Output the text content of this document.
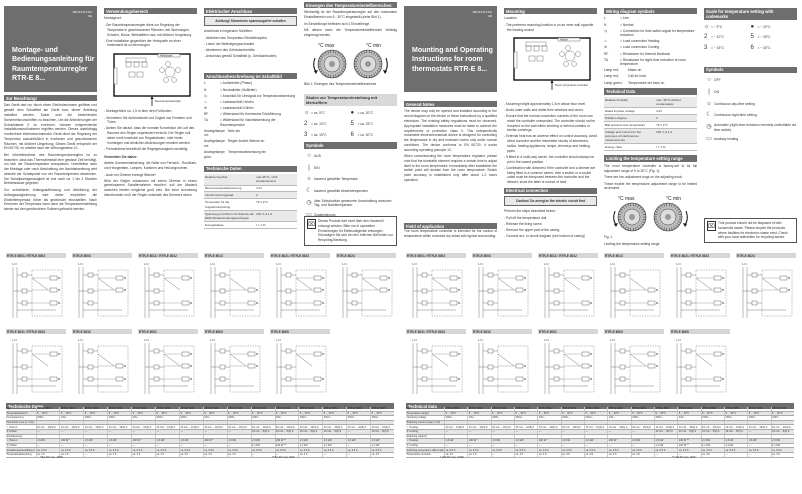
468 931 014 510
DE
Montage- und Bedienungsanleitung für Raumtemperaturregler RTR-E 8...
Zur Beachtung!

Das Gerät darf nur durch einen Elektrofachmann geöffnet und gemäß dem Schaltbild am Gerät bzw. dieser Anleitung installiert werden. Dabei sind die bestehenden Sicherheitsvorschriften zu beachten. Um die Anforderungen der Schutzklasse II zu erreichen, müssen entsprechende Installationsmaßnahmen ergriffen werden. Dieses unabhängig montierbare elektromechanische Gerät dient der Regelung der Temperatur ausschließlich in trockenen und geschlossenen Räumen, mit üblicher Umgebung. Dieses Gerät entspricht der EN 60730, es arbeitet nach der Wirkungsweise 1C.

Bei Inbetriebnahme des Raumtemperaturreglers ist zu beachten, dass das Thermobimetall eine gewisse Zeit benötigt, um sich der Raumtemperatur anzupassen. Unmittelbar nach der Montage oder nach Abschaltung der Nachtabsenkung wird deshalb der Schaltpunkt von der Raumtemperatur abweichen. Die Schaltpunktgenauigkeit ist erst nach ca. 1 bis 2 Stunden Betriebsdauer gegeben.

Zur schnelleren Anfangsaufheizung und Abkühlung der Anfangsausgleichung wird daher empfohlen die Einstelltemperatur höher als gewünscht einzustellen. Nach Erreichen der Temperatur kann dann die Temperatureinstellung wieder auf den gewünschten Sollwert gebracht werden.

Verwendungsbereich

Montageort:

- Der Raumtemperaturregler dient zur Regelung der Temperatur in geschlossenen Räumen, wie Wohnungen, Schulen, Büros, Werkstätten usw. mit üblicher Umgebung.
- Eine Installation gegenüber der Heizquelle an einer Innenwand ist zu bevorzugen.
Heizkörper
Raumtemperaturregler
- Montagehöhe ca. 1,5 m über dem Fußboden.
- Vermeiden Sie Außenwände und Zugluft von Fenstern und Türen.
- Achten Sie darauf, dass die normale Konvektion die Luft des Raumes den Regler ungehindert erreicht. Der Regler soll daher nicht innerhalb von Regalwänden, oder hinter Vorhängen und ähnlichen Abdeckungen montiert werden.
- Fremdwärme beeinflußt die Regelgenauigkeit nachteilig.

Vermeiden Sie daher:

direkte Sonneneinstrahlung, die Nähe von Fernseh-, Rundfunk- und Heizgeräten, Lampen, Kaminen und Heizungsrohren.

- Auch ein Dimmer erzeugt Wärme!

Wird der Regler zusammen mit einem Dimmer in einem gemeinsamen Schalterrahmen montiert, soll der Abstand zwischen beiden möglichst groß sein. Bei einer Anordnung übereinander muß der Regler unterhalb des Dimmers sitzen.

Elektrischer Anschluss
Achtung! Stromkreis spannungsfrei schalten

Anschluss in folgenden Schritten:

- Abziehen des Temperatur-Einstellknopfes.
- Lösen der Befestigungsschraube
- Abnehmen des Gehäuseoberteils
- Anschluss gemäß Schaltbild (s. Gehäuseboden).
Anschlussbeschreibung im Schaltbild
L	= Außenleiter (Phase)
N	= Neutralleiter (Nullleiter)
◷	= Anschluß für Uhrsignal zur Temperaturabsenkung
♨	= Lastanschluß Heizen
❄	= Lastanschluß Kühlen
RF	= Widerstand für thermische Rückführung
TA	= Widerstand für Nachtabsenkung der Raumtemperatur
Anzeigelampe rot:
Netz ein
Anzeigelampe rot:
Regler fordert Wärme an
Anzeigelampe grün:
Temperaturabsenkung ein
Technische Daten
Relative Feuchte	max 95 %, nicht kondensierend
Bemessungsstoßspannung	4 kV
Verschmutzungsgrad	2
Temperatur für die Kugeldruckprüfung	75 ± 2°C
Spannung und Strom für Zwecke der EMV-Störaussendungsprüfungen	230 V, 0,1 A
Energieklasse	I = 1 %
Einengen des Temperatureinstellbereiches:

Werkseitig ist der Raumtemperaturregler auf den maximalen Einstellbereich von 5 - 30°C eingestellt (siehe Bild 1).

Im Einstellknopf befinden sich 2 Einstellringe.

Mit diesen kann der Temperatureinstellbereich beliebig eingeengt werden.

°C max	°C min

Bild 1: Einengen des Temperatureinstellbereiches

Skalen zur Temperatureinstellung mit Merkziffern
☼ = ca. 5°C	● = ca. 20°C
2 = ca. 10°C	5 = ca. 25°C
3 = ca. 15°C	6 = ca. 30°C
Symbole
○ AUS
|	EIN
☼ dauernd gewählte Temperatur
☾ dauernd gewählte Absenktemperatur
◷ über Zeitschaltuhr gesteuerte Umschaltung zwischen Tag- und Nachttemperatur
▭ Zusatzheizung
⌧
Dieses Produkt darf nicht über den Hausmüll entsorgt werden. Bitte nur in speziellen Einrichtungen für Elektroaltgeräte entsorgen. Erkundigen Sie sich bei den örtlichen Behörden zur Recycling-Beratung.
468 931 014 510
GB
Mounting and Operating Instructions for room thermostats RTR-E 8...
General Notes

The device may only be opened and installed according to the circuit diagram on the device or these instructions by a qualified electrician. The existing safety regulations must be observed. Appropriate installation measures must be taken to achieve the requirements of protection class II. This independently mountable electromechanical device is designed for controlling the temperature in dry and enclosed rooms only under normal conditions. The device conforms to EN 60730, it works according operating principle 1C.

When commissioning the room temperature regulator, please note that the bimetallic element requires a certain time to adjust itself to the room temperature. Immediately after installation the switch point will deviate from the room temperature. Switch point accuracy is established only after about 1-2 hours operation.

Field of application

The room temperature controller is intended for the control of temperature within enclosed dry areas with typical surrounding.

Mounting

Location:

- The preferred mounting location is on an inner wall opposite the heating source
Heater
Room temperature controller
- Mounting height approximately 1,5 m above floor level.
- Avoid outer walls and drafts from windows and doors.
- Ensure that the normal convection currents of the room can reach the controller unimpeded. The controller should not be mounted on the wall within shelving or behind curtains or similar coverings.
- External heat has an adverse effect on control accuracy. Avoid direct sunshine and the immediate vicinity of televisions, radios, heating appliances, lamps, chimneys and heating pipes.
- If fitted in a multi-way carrier, the controller should always be put in the lowest position.
- Combination with dimmers! If the controller and a dimmer are being fitted in a common carrier, then a switch or a socket outlet must be interposed between the controller and the dimmer, since the latter is source of heat.
Electrical connection
Caution! De-energize the electric circuit first

Perform the steps described below:

- Pull off the temperature dial
- Release the fixing screw
- Remove the upper part of the casing
- Connect acc. to circuit diagram (see bottom of casing)
Wiring diagram symbols
L	= Line
N	= Neutral
◷	= Connection for time switch signal for temperature reduction
♨	= Load connection Heating
❄	= Load connection Cooling
RF	= Resistance for thermal feedback
TA	= Resistance for night-time reduction of room temperature
Lamp red:	Mains on
Lamp red:	Call for heat
Lamp green:	Temperature set back on
Technical Data
Relative humidity	max. 95 % without condensation
Rated impulse voltage	4 kV
Pollution degree	2
Ball pressure test temperature	75 ± 2°C
Voltage and Current for the purposes of interferences measurements	230 V, 0,1 A
Energy class	I = 1 %
Limiting the temperature setting range

The room temperature controller is factory-set to its full adjustment range of 5 to 30°C (Fig. 1).

There are two adjustment rings on the adjusting knob.

These enable the temperature adjustment range to be limited as desired.

°C max	°C min

Fig. 1

Limiting the temperature setting range

Scale for temperature setting with codemarks
☼ = ~ 5°C	● = ~ 20°C
2 = ~ 10°C	5 = ~ 25°C
3 = ~ 15°C	6 = ~ 30°C
Symbols
○ OFF
|	ON
☼ Continuous day-time setting
☾ Continuous night-time setting
◷ Automatic (night-time reduction remotely controllable via time switch)
▭ Auxiliary heating
⌧
This product should not be disposed of with household waste. Please recycle the products where facilities for electronic waste exist. Check with your local authorities for recycling advice.
RTR-E 8001 / RTR-E 8002
L N
RTR-E 8003
L N
RTR-E 8011 / RTR-E 8012
L N
RTR-E 8013
L N
RTR-E 8021 / RTR-E 8022
L N
RTR-E 8023
L N
RTR-E 8031 / RTR-E 8032
L N
RTR-E 8033
L N
RTR-E 8051
L N
RTR-E 8063
L N
RTR-E 8065
L N
RTR-E 8001 / RTR-E 8002
L N
RTR-E 8003
L N
RTR-E 8011 / RTR-E 8012
L N
RTR-E 8013
L N
RTR-E 8021 / RTR-E 8022
L N
RTR-E 8023
L N
RTR-E 8031 / RTR-E 8032
L N
RTR-E 8033
L N
RTR-E 8051
L N
RTR-E 8063
L N
RTR-E 8065
L N
Technische Daten
Typ	RTR-E 8001	RTR-E 8002	RTR-E 8003	RTR-E 8011	RTR-E 8012	RTR-E 8013	RTR-E 8021	RTR-E 8022	RTR-E 8023	RTR-E 8031	RTR-E 8032	RTR-E 8033	RTR-E 8051	RTR-E 8063	RTR-E 8065
Temperaturbereich	5 ... 30°C	5 ... 30°C	5 ... 30°C	5 ... 30°C	5 ... 30°C	5 ... 30°C	5 ... 30°C	5 ... 30°C	5 ... 30°C	5 ... 30°C	5 ... 30°C	5 ... 30°C	5 ... 30°C	5 ... 30°C	5 ... 30°C
Nennspannung	230V~	24V~	230V~	230V~	24V~	230V~	230V~	24V~	230V~	230V~	24V~	230V~	230V~	230V~	230V~
Nennstrom (cos φ = 0,6)															
♨ Heizen	10 mA ... 10(4) A	10 mA ... 10(4) A	10 mA ... 10(4) A	10 mA ... 10(4) A	10 mA ... 10(4) A	10 mA ... 10(4) A	10 mA ... 10(4) A	10 mA ... 10(4) A	10 mA ... 10(4) A	10 mA ... 10(4) A	10 mA ... 10(4) A	10 mA ... 10(4) A	10 mA ... 10(4) A	10 mA ... 10(4) A	10 mA ... 10(4) A
❄ Kühlen	—	—	—	—	—	—	—	—	—	10 mA ... 5(2) A	10 mA ... 5(2) A	10 mA ... 5(2) A	10 mA ... 5(2) A	—	10 mA ... 5(2) A
Schaltleistung															
♨ Heizen	2,3 kW	240 W *	2,3 kW	2,3 kW	240 W *	2,3 kW	2,3 kW	240 W *	2,3 kW	2,3 kW	240 W **	2,3 kW	2,3 kW	2,3 kW	2,3 kW
❄ Kühlen	—	—	—	—	—	—	—	—	—	1,1 kW	120 W **	1,1 kW	1,1 kW	—	1,1 kW
Schalttemperaturdifferenz	ca. 0,5 K	ca. 0,5 K	ca. 0,5 K	ca. 0,5 K	ca. 0,5 K	ca. 0,5 K	ca. 0,5 K	ca. 0,5 K	ca. 0,5 K	ca. 0,5 K	ca. 0,5 K	ca. 0,5 K	ca. 0,5 K	ca. 0,5 K	ca. 0,5 K
Temperaturabsenkung	ca. 4 K	ca. 4 K	—	ca. 4 K	ca. 4 K	ca. 4 K	ca. 4 K	ca. 4 K	ca. 4 K	—	—	ca. 4 K	—	—	ca. 4 K
* Bei DC max. 100W	** Bei DC max. 80W
Technical data
Typ	RTR-E 8001	RTR-E 8002	RTR-E 8003	RTR-E 8011	RTR-E 8012	RTR-E 8013	RTR-E 8021	RTR-E 8022	RTR-E 8023	RTR-E 8031	RTR-E 8032	RTR-E 8033	RTR-E 8051	RTR-E 8063	RTR-E 8065
Temperature ranges	5 ... 30°C	5 ... 30°C	5 ... 30°C	5 ... 30°C	5 ... 30°C	5 ... 30°C	5 ... 30°C	5 ... 30°C	5 ... 30°C	5 ... 30°C	5 ... 30°C	5 ... 30°C	5 ... 30°C	5 ... 30°C	5 ... 30°C
Operating voltage	230V~	24V~	230V~	230V~	24V~	230V~	230V~	24V~	230V~	230V~	24V~	230V~	230V~	230V~	230V~
Switching current (cosφ = 0,6)															
♨ Heating	10 mA ... 10(4) A	10 mA ... 10(4) A	10 mA ... 10(4) A	10 mA ... 10(4) A	10 mA ... 10(4) A	10 mA ... 10(4) A	10 mA ... 10(4) A	10 mA ... 10(4) A	10 mA ... 10(4) A	10 mA ... 10(4) A	10 mA ... 10(4) A	10 mA ... 10(4) A	10 mA ... 10(4) A	10 mA ... 10(4) A	10 mA ... 10(4) A
❄ Cooling	—	—	—	—	—	—	—	—	—	10 mA ... 5(2) A	10 mA ... 5(2) A	10 mA ... 5(2) A	10 mA ... 5(2) A	—	10 mA ... 5(2) A
Switching capacity															
♨ Heating	2,3 kW	240 W *	2,3 kW	2,3 kW	240 W *	2,3 kW	2,3 kW	240 W *	2,3 kW	2,3 kW	240 W **	2,3 kW	2,3 kW	2,3 kW	2,3 kW
❄ Cooling	—	—	—	—	—	—	—	—	—	1,1 kW	120 W **	1,1 kW	1,1 kW	—	1,1 kW
Switching temperature differential	ca. 0,5 K	ca. 0,5 K	ca. 0,5 K	ca. 0,5 K	ca. 0,5 K	ca. 0,5 K	ca. 0,5 K	ca. 0,5 K	ca. 0,5 K	ca. 0,5 K	ca. 0,5 K	ca. 0,5 K	ca. 0,5 K	ca. 0,5 K	ca. 0,5 K
Temperature set-back	ca. 4 K	ca. 4 K	—	ca. 4 K	ca. 4 K	ca. 4 K	ca. 4 K	ca. 4 K	ca. 4 K	—	—	ca. 4 K	—	—	ca. 4 K
* with DC max. 100W	** with DC max. 80W
